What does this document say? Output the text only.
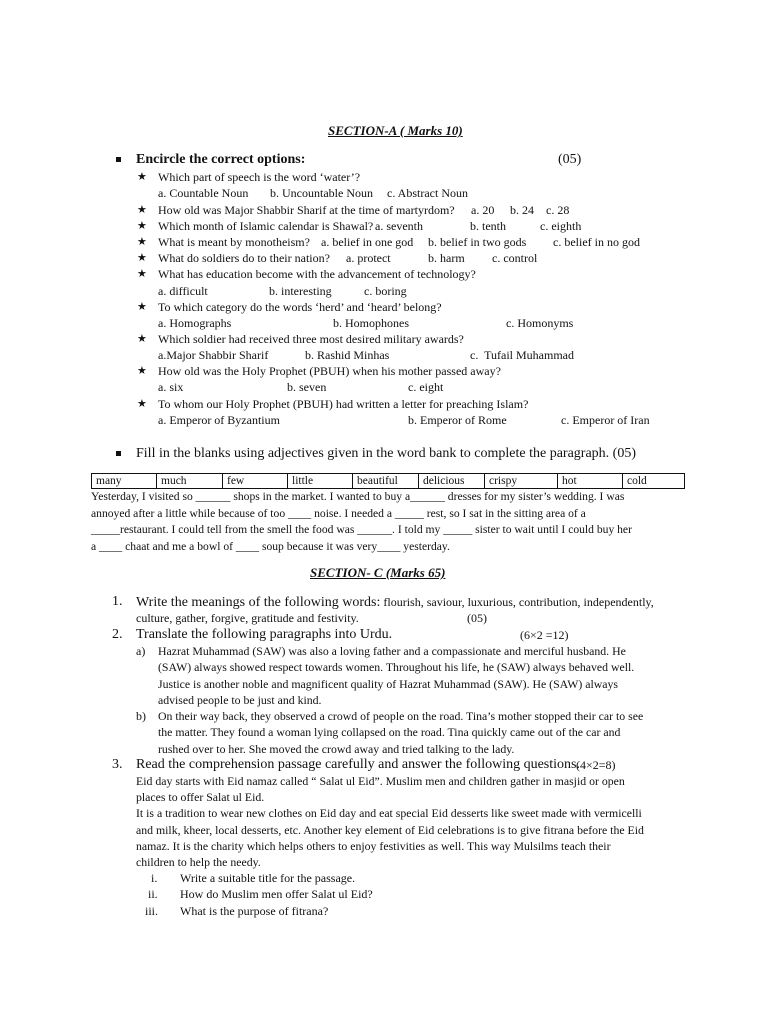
SECTION-A ( Marks 10)
Encircle the correct options:	(05)
★ Which part of speech is the word ‘water’?
a. Countable Noun b. Uncountable Noun c. Abstract Noun
★ How old was Major Shabbir Sharif at the time of martyrdom? a. 20 b. 24 c. 28
★ Which month of Islamic calendar is Shawal? a. seventh	b. tenth	c. eighth
★ What is meant by monotheism? a. belief in one god b. belief in two gods c. belief in no god
★ What do soldiers do to their nation? a. protect	b. harm c. control
★ What has education become with the advancement of technology?
a. difficult	b. interesting	c. boring
★ To which category do the words ‘herd’ and ‘heard’ belong?
a. Homographs	b. Homophones	c. Homonyms
★ Which soldier had received three most desired military awards?
a.Major Shabbir Sharif	b. Rashid Minhas	c.  Tufail Muhammad
★ How old was the Holy Prophet (PBUH) when his mother passed away?
a. six	b. seven	c. eight
★ To whom our Holy Prophet (PBUH) had written a letter for preaching Islam?
a. Emperor of Byzantium	b. Emperor of Rome	c. Emperor of Iran
Fill in the blanks using adjectives given in the word bank to complete the paragraph. (05)
many	much	few	little	beautiful	delicious	crispy	hot	cold
Yesterday, I visited so ______ shops in the market. I wanted to buy a______ dresses for my sister’s wedding. I was
annoyed after a little while because of too ____ noise. I needed a _____ rest, so I sat in the sitting area of a
_____restaurant. I could tell from the smell the food was ______. I told my _____ sister to wait until I could buy her
a ____ chaat and me a bowl of ____ soup because it was very____ yesterday.
SECTION- C (Marks 65)
1. Write the meanings of the following words: flourish, saviour, luxurious, contribution, independently,
culture, gather, forgive, gratitude and festivity.	(05)
2. Translate the following paragraphs into Urdu.	(6×2 =12)
a) Hazrat Muhammad (SAW) was also a loving father and a compassionate and merciful husband. He
(SAW) always showed respect towards women. Throughout his life, he (SAW) always behaved well.
Justice is another noble and magnificent quality of Hazrat Muhammad (SAW). He (SAW) always
advised people to be just and kind.
b) On their way back, they observed a crowd of people on the road. Tina’s mother stopped their car to see
the matter. They found a woman lying collapsed on the road. Tina quickly came out of the car and
rushed over to her. She moved the crowd away and tried talking to the lady.
3. Read the comprehension passage carefully and answer the following questions.
(4×2=8)
Eid day starts with Eid namaz called “ Salat ul Eid”. Muslim men and children gather in masjid or open
places to offer Salat ul Eid.
It is a tradition to wear new clothes on Eid day and eat special Eid desserts like sweet made with vermicelli
and milk, kheer, local desserts, etc. Another key element of Eid celebrations is to give fitrana before the Eid
namaz. It is the charity which helps others to enjoy festivities as well. This way Mulsilms teach their
children to help the needy.
i. Write a suitable title for the passage.
ii. How do Muslim men offer Salat ul Eid?
iii. What is the purpose of fitrana?
